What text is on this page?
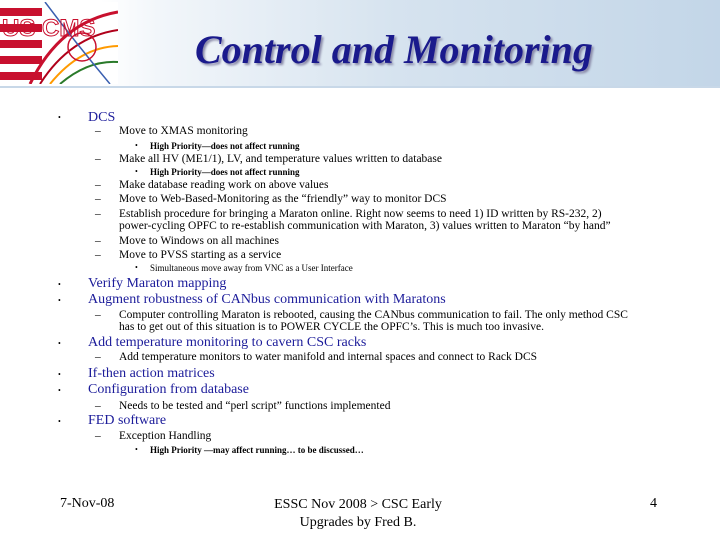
US CMS Control and Monitoring
• DCS
– Move to XMAS monitoring
• High Priority—does not affect running
– Make all HV (ME1/1), LV, and temperature values written to database
• High Priority—does not affect running
– Make database reading work on above values
– Move to Web-Based-Monitoring as the “friendly” way to monitor DCS
– Establish procedure for bringing a Maraton online. Right now seems to need 1) ID written by RS-232, 2)
power-cycling OPFC to re-establish communication with Maraton, 3) values written to Maraton “by hand”
– Move to Windows on all machines
– Move to PVSS starting as a service
• Simultaneous move away from VNC as a User Interface
• Verify Maraton mapping
• Augment robustness of CANbus communication with Maratons
– Computer controlling Maraton is rebooted, causing the CANbus communication to fail. The only method CSC
has to get out of this situation is to POWER CYCLE the OPFC’s. This is much too invasive.
• Add temperature monitoring to cavern CSC racks
– Add temperature monitors to water manifold and internal spaces and connect to Rack DCS
• If-then action matrices
• Configuration from database
– Needs to be tested and “perl script” functions implemented
• FED software
– Exception Handling
• High Priority —may affect running… to be discussed…
7-Nov-08	ESSC Nov 2008 > CSC Early
Upgrades by Fred B.
4
